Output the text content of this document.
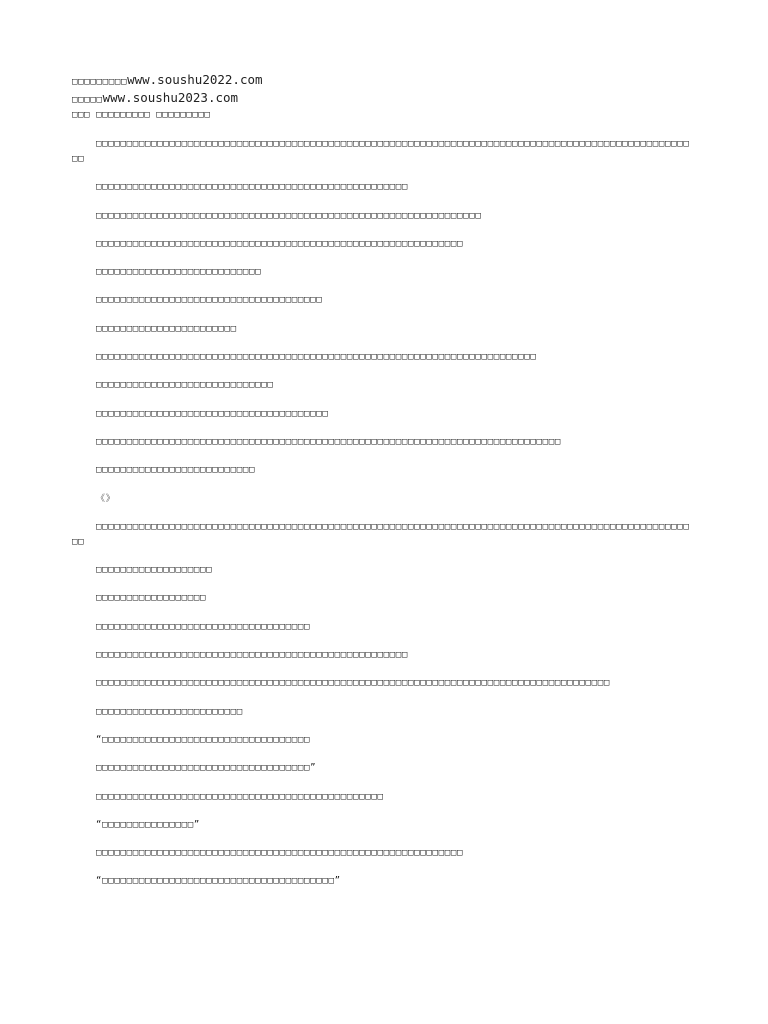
□□□□□□□□□www.soushu2022.com
□□□□□www.soushu2023.com
□□□ □□□□□□□□□ □□□□□□□□□

□□□□□□□□□□□□□□□□□□□□□□□□□□□□□□□□□□□□□□□□□□□□□□□□□□□□□□□□□□□□□□□□□□□□□□□□□□□□□□□□□□□□□□□□□□□□□□□□□□□

□□□□□□□□□□□□□□□□□□□□□□□□□□□□□□□□□□□□□□□□□□□□□□□□□□□

□□□□□□□□□□□□□□□□□□□□□□□□□□□□□□□□□□□□□□□□□□□□□□□□□□□□□□□□□□□□□□□

□□□□□□□□□□□□□□□□□□□□□□□□□□□□□□□□□□□□□□□□□□□□□□□□□□□□□□□□□□□□

□□□□□□□□□□□□□□□□□□□□□□□□□□□

□□□□□□□□□□□□□□□□□□□□□□□□□□□□□□□□□□□□□

□□□□□□□□□□□□□□□□□□□□□□□

□□□□□□□□□□□□□□□□□□□□□□□□□□□□□□□□□□□□□□□□□□□□□□□□□□□□□□□□□□□□□□□□□□□□□□□□

□□□□□□□□□□□□□□□□□□□□□□□□□□□□□

□□□□□□□□□□□□□□□□□□□□□□□□□□□□□□□□□□□□□□

□□□□□□□□□□□□□□□□□□□□□□□□□□□□□□□□□□□□□□□□□□□□□□□□□□□□□□□□□□□□□□□□□□□□□□□□□□□□

□□□□□□□□□□□□□□□□□□□□□□□□□□

《》

□□□□□□□□□□□□□□□□□□□□□□□□□□□□□□□□□□□□□□□□□□□□□□□□□□□□□□□□□□□□□□□□□□□□□□□□□□□□□□□□□□□□□□□□□□□□□□□□□□□

□□□□□□□□□□□□□□□□□□□

□□□□□□□□□□□□□□□□□□

□□□□□□□□□□□□□□□□□□□□□□□□□□□□□□□□□□□

□□□□□□□□□□□□□□□□□□□□□□□□□□□□□□□□□□□□□□□□□□□□□□□□□□□

□□□□□□□□□□□□□□□□□□□□□□□□□□□□□□□□□□□□□□□□□□□□□□□□□□□□□□□□□□□□□□□□□□□□□□□□□□□□□□□□□□□□

□□□□□□□□□□□□□□□□□□□□□□□□

“□□□□□□□□□□□□□□□□□□□□□□□□□□□□□□□□□□

□□□□□□□□□□□□□□□□□□□□□□□□□□□□□□□□□□□”

□□□□□□□□□□□□□□□□□□□□□□□□□□□□□□□□□□□□□□□□□□□□□□□

“□□□□□□□□□□□□□□□”

□□□□□□□□□□□□□□□□□□□□□□□□□□□□□□□□□□□□□□□□□□□□□□□□□□□□□□□□□□□□

“□□□□□□□□□□□□□□□□□□□□□□□□□□□□□□□□□□□□□□”
